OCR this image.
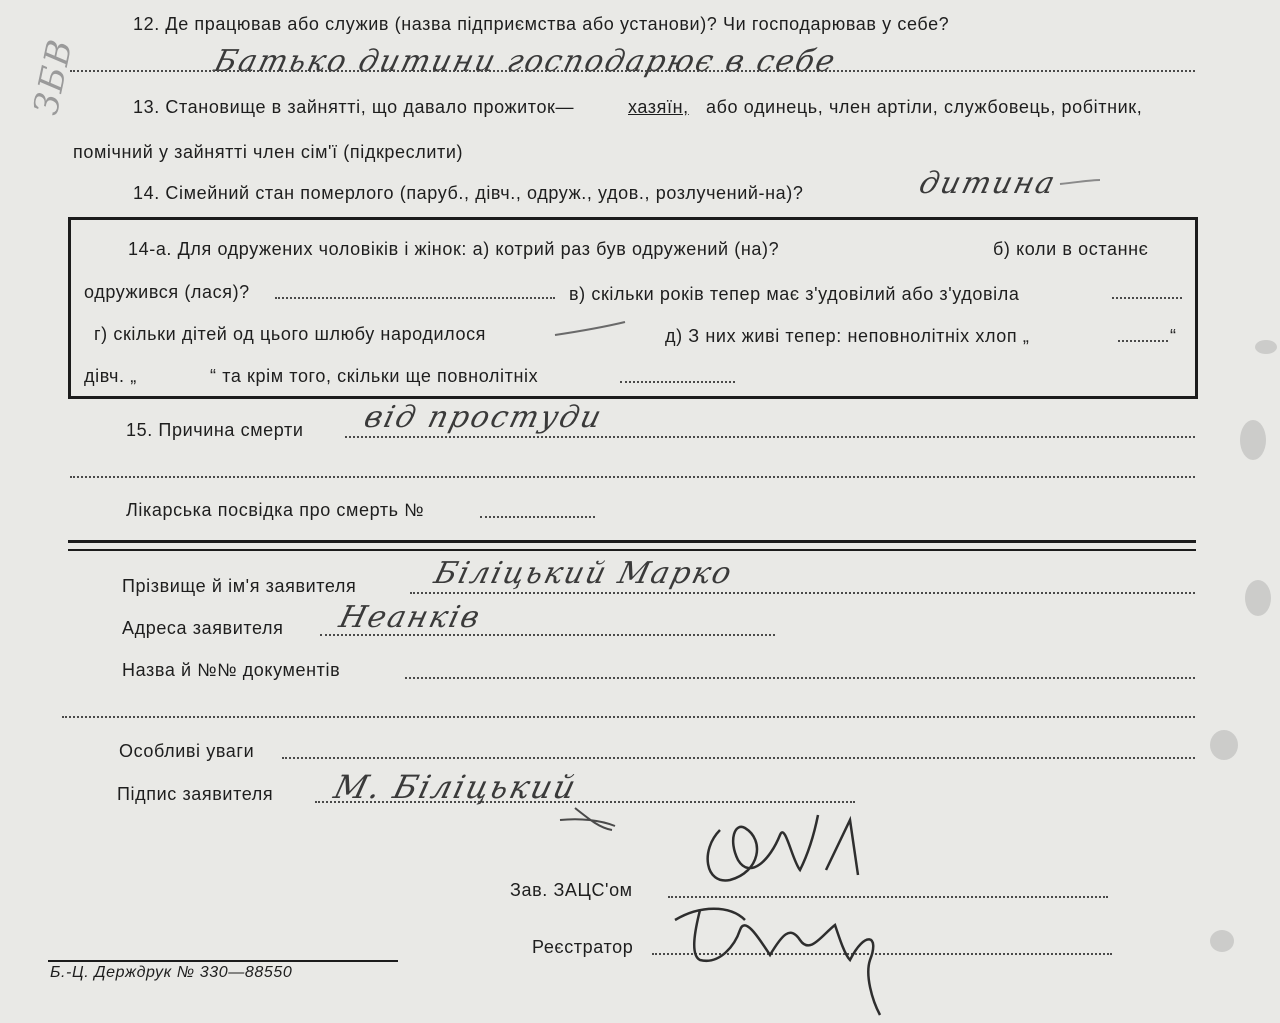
ЗБВ
12. Де працював або служив (назва підприємства або установи)? Чи господарював у себе?
Батько дитини господарює в себе
13. Становище в зайнятті, що давало прожиток—	хазяїн, або одинець, член артіли, службовець, робітник,
помічний у зайнятті член сім'ї (підкреслити)
14. Сімейний стан померлого (паруб., дівч., одруж., удов., розлучений-на)?	дитина
14-а. Для одружених чоловіків і жінок: а) котрий раз був одружений (на)?	б) коли в останнє
одружився (лася)?	в) скільки років тепер має з'удовілий або з'удовіла
г) скільки дітей од цього шлюбу народилося	д) З них живі тепер: неповнолітніх хлоп „	“
дівч. „	“ та крім того, скільки ще повнолітніх
15. Причина смерти від простуди
Лікарська посвідка про смерть №
Прізвище й ім'я заявителя Біліцький Марко
Адреса заявителя Неанків
Назва й №№ документів
Особливі уваги
Підпис заявителя М. Біліцький
Зав. ЗАЦС'ом
Реєстратор
Б.-Ц. Держдрук № 330—88550
